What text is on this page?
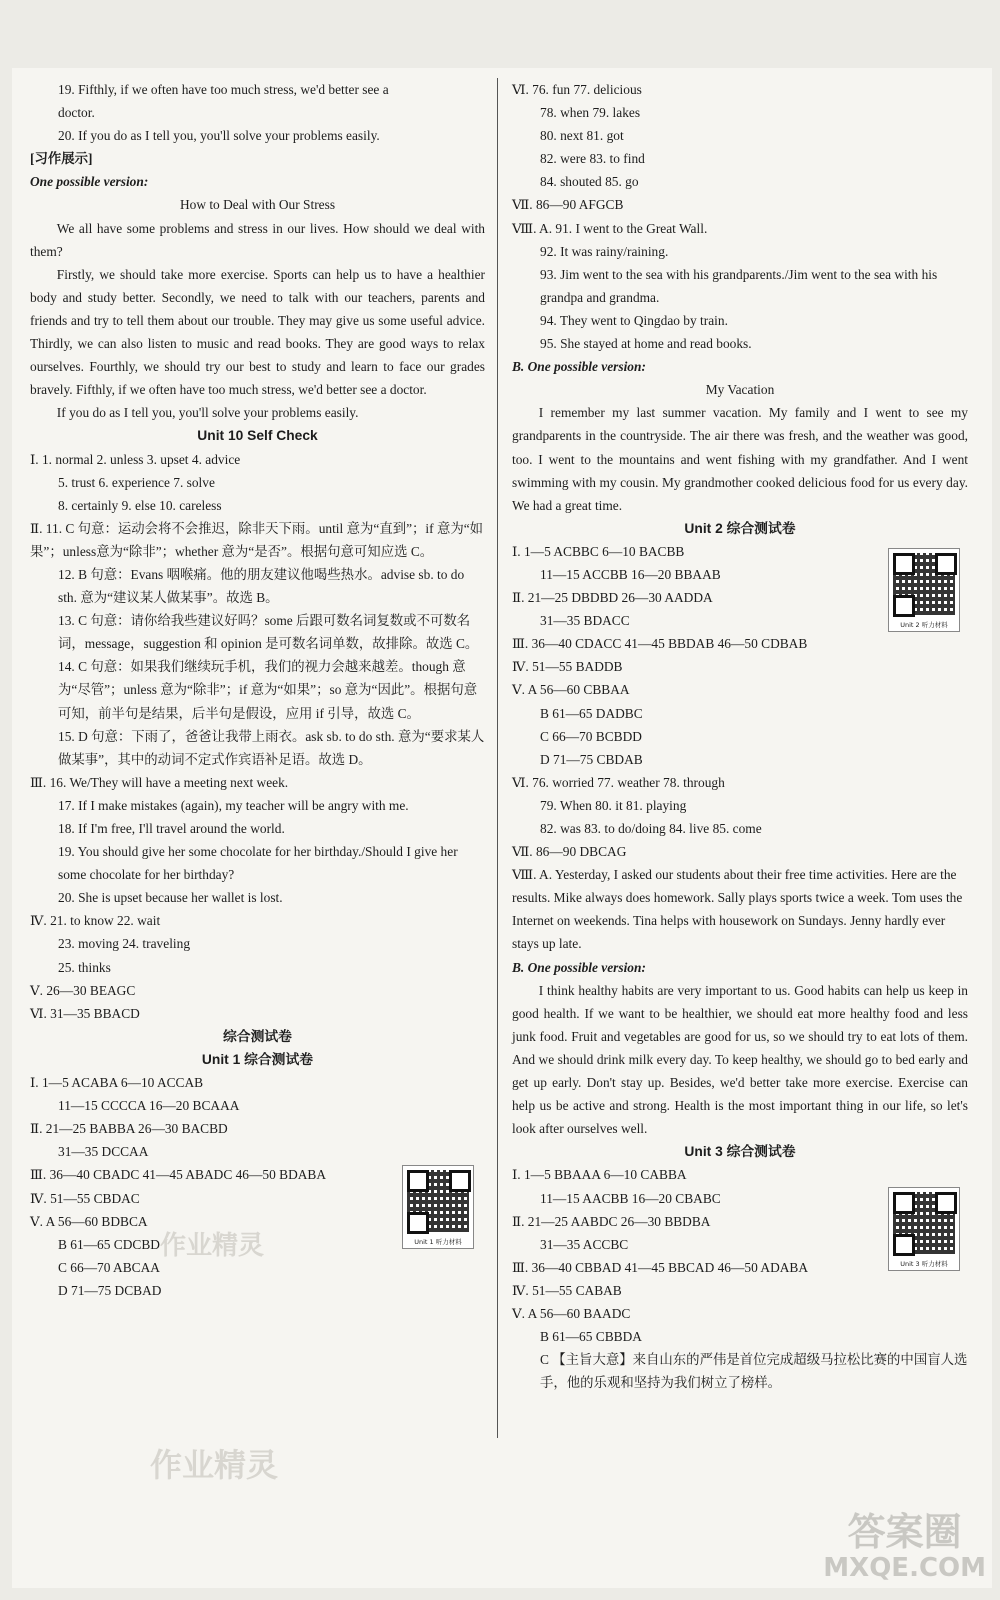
19. Fifthly, if we often have too much stress, we'd better see a

doctor.

20. If you do as I tell you, you'll solve your problems easily.

[习作展示]

One possible version:

How to Deal with Our Stress

We all have some problems and stress in our lives. How should we deal with them?

Firstly, we should take more exercise. Sports can help us to have a healthier body and study better. Secondly, we need to talk with our teachers, parents and friends and try to tell them about our trouble. They may give us some useful advice. Thirdly, we can also listen to music and read books. They are good ways to relax ourselves. Fourthly, we should try our best to study and learn to face our grades bravely. Fifthly, if we often have too much stress, we'd better see a doctor.

If you do as I tell you, you'll solve your problems easily.

Unit 10 Self Check

Ⅰ. 1. normal 2. unless 3. upset 4. advice

5. trust 6. experience 7. solve

8. certainly 9. else 10. careless

Ⅱ. 11. C 句意：运动会将不会推迟，除非天下雨。until 意为“直到”；if 意为“如果”；unless意为“除非”；whether 意为“是否”。根据句意可知应选 C。

12. B 句意：Evans 咽喉痛。他的朋友建议他喝些热水。advise sb. to do sth. 意为“建议某人做某事”。故选 B。

13. C 句意：请你给我些建议好吗？some 后跟可数名词复数或不可数名词，message，suggestion 和 opinion 是可数名词单数，故排除。故选 C。

14. C 句意：如果我们继续玩手机，我们的视力会越来越差。though 意为“尽管”；unless 意为“除非”；if 意为“如果”；so 意为“因此”。根据句意可知，前半句是结果，后半句是假设，应用 if 引导，故选 C。

15. D 句意：下雨了，爸爸让我带上雨衣。ask sb. to do sth. 意为“要求某人做某事”，其中的动词不定式作宾语补足语。故选 D。

Ⅲ. 16. We/They will have a meeting next week.

17. If I make mistakes (again), my teacher will be angry with me.

18. If I'm free, I'll travel around the world.

19. You should give her some chocolate for her birthday./Should I give her some chocolate for her birthday?

20. She is upset because her wallet is lost.

Ⅳ. 21. to know 22. wait

23. moving 24. traveling

25. thinks

Ⅴ. 26—30 BEAGC

Ⅵ. 31—35 BBACD

综合测试卷

Unit 1 综合测试卷

Ⅰ. 1—5 ACABA 6—10 ACCAB

11—15 CCCCA 16—20 BCAAA

Ⅱ. 21—25 BABBA 26—30 BACBD

31—35 DCCAA

Ⅲ. 36—40 CBADC 41—45 ABADC 46—50 BDABA

Ⅳ. 51—55 CBDAC

Ⅴ. A 56—60 BDBCA

B 61—65 CDCBD

C 66—70 ABCAA

D 71—75 DCBAD

Ⅵ. 76. fun 77. delicious

78. when 79. lakes

80. next 81. got

82. were 83. to find

84. shouted 85. go

Ⅶ. 86—90 AFGCB

Ⅷ. A. 91. I went to the Great Wall.

92. It was rainy/raining.

93. Jim went to the sea with his grandparents./Jim went to the sea with his grandpa and grandma.

94. They went to Qingdao by train.

95. She stayed at home and read books.

B. One possible version:

My Vacation

I remember my last summer vacation. My family and I went to see my grandparents in the countryside. The air there was fresh, and the weather was good, too. I went to the mountains and went fishing with my grandfather. And I went swimming with my cousin. My grandmother cooked delicious food for us every day. We had a great time.

Unit 2 综合测试卷

Ⅰ. 1—5 ACBBC 6—10 BACBB

11—15 ACCBB 16—20 BBAAB

Ⅱ. 21—25 DBDBD 26—30 AADDA

31—35 BDACC

Ⅲ. 36—40 CDACC 41—45 BBDAB 46—50 CDBAB

Ⅳ. 51—55 BADDB

Ⅴ. A 56—60 CBBAA

B 61—65 DADBC

C 66—70 BCBDD

D 71—75 CBDAB

Ⅵ. 76. worried 77. weather 78. through

79. When 80. it 81. playing

82. was 83. to do/doing 84. live 85. come

Ⅶ. 86—90 DBCAG

Ⅷ. A. Yesterday, I asked our students about their free time activities. Here are the results. Mike always does homework. Sally plays sports twice a week. Tom uses the Internet on weekends. Tina helps with housework on Sundays. Jenny hardly ever stays up late.

B. One possible version:

I think healthy habits are very important to us. Good habits can help us keep in good health. If we want to be healthier, we should eat more healthy food and less junk food. Fruit and vegetables are good for us, so we should try to eat lots of them. And we should drink milk every day. To keep healthy, we should go to bed early and get up early. Don't stay up. Besides, we'd better take more exercise. Exercise can help us be active and strong. Health is the most important thing in our life, so let's look after ourselves well.

Unit 3 综合测试卷

Ⅰ. 1—5 BBAAA 6—10 CABBA

11—15 AACBB 16—20 CBABC

Ⅱ. 21—25 AABDC 26—30 BBDBA

31—35 ACCBC

Ⅲ. 36—40 CBBAD 41—45 BBCAD 46—50 ADABA

Ⅳ. 51—55 CABAB

Ⅴ. A 56—60 BAADC

B 61—65 CBBDA

C 【主旨大意】来自山东的严伟是首位完成超级马拉松比赛的中国盲人选手，他的乐观和坚持为我们树立了榜样。

Unit 1 听力材料
Unit 2 听力材料
Unit 3 听力材料
作业精灵
作业精灵
答案圈
MXQE.COM
